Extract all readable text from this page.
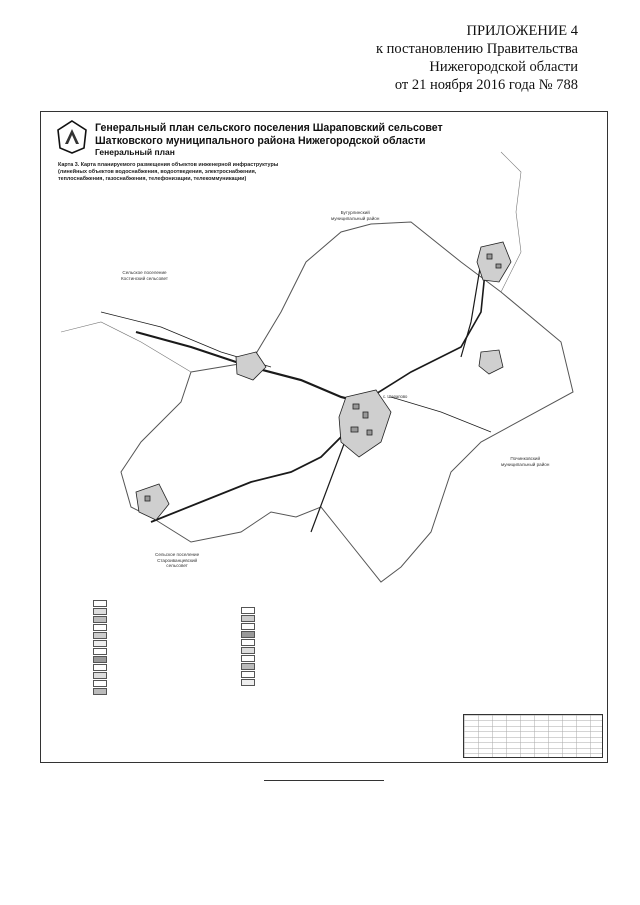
ПРИЛОЖЕНИЕ 4
к постановлению Правительства
Нижегородской области
от 21 ноября 2016 года № 788
Генеральный план сельского поселения Шараповский сельсовет
Шатковского муниципального района Нижегородской области
Генеральный план
Карта 3. Карта планируемого размещения объектов инженерной инфраструктуры
(линейных объектов водоснабжения, водоотведения, электроснабжения,
теплоснабжения, газоснабжения, телефонизации, телекоммуникации)
Бутурлинский
муниципальный район
Сельское поселение
Костинский сельсовет
Починковский
муниципальный район
Сельское поселение
Староиванцевский
сельсовет
с. Шарапово
